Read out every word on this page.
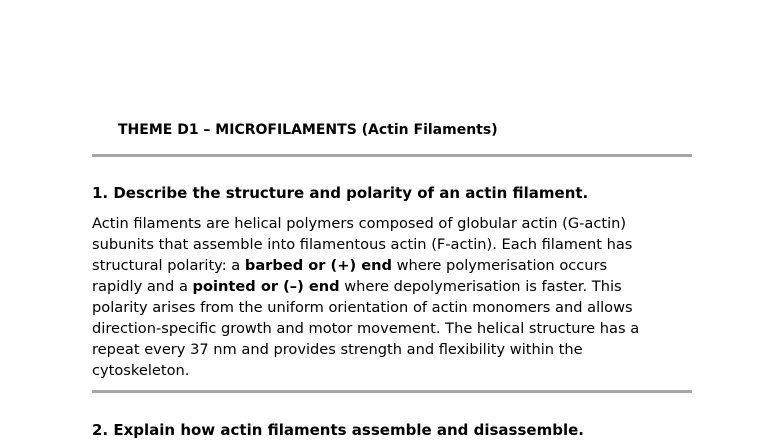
THEME D1 – MICROFILAMENTS (Actin Filaments)
1. Describe the structure and polarity of an actin filament.
Actin filaments are helical polymers composed of globular actin (G-actin)
subunits that assemble into filamentous actin (F-actin). Each filament has
structural polarity: a barbed or (+) end where polymerisation occurs
rapidly and a pointed or (–) end where depolymerisation is faster. This
polarity arises from the uniform orientation of actin monomers and allows
direction-specific growth and motor movement. The helical structure has a
repeat every 37 nm and provides strength and flexibility within the
cytoskeleton.
2. Explain how actin filaments assemble and disassemble.
